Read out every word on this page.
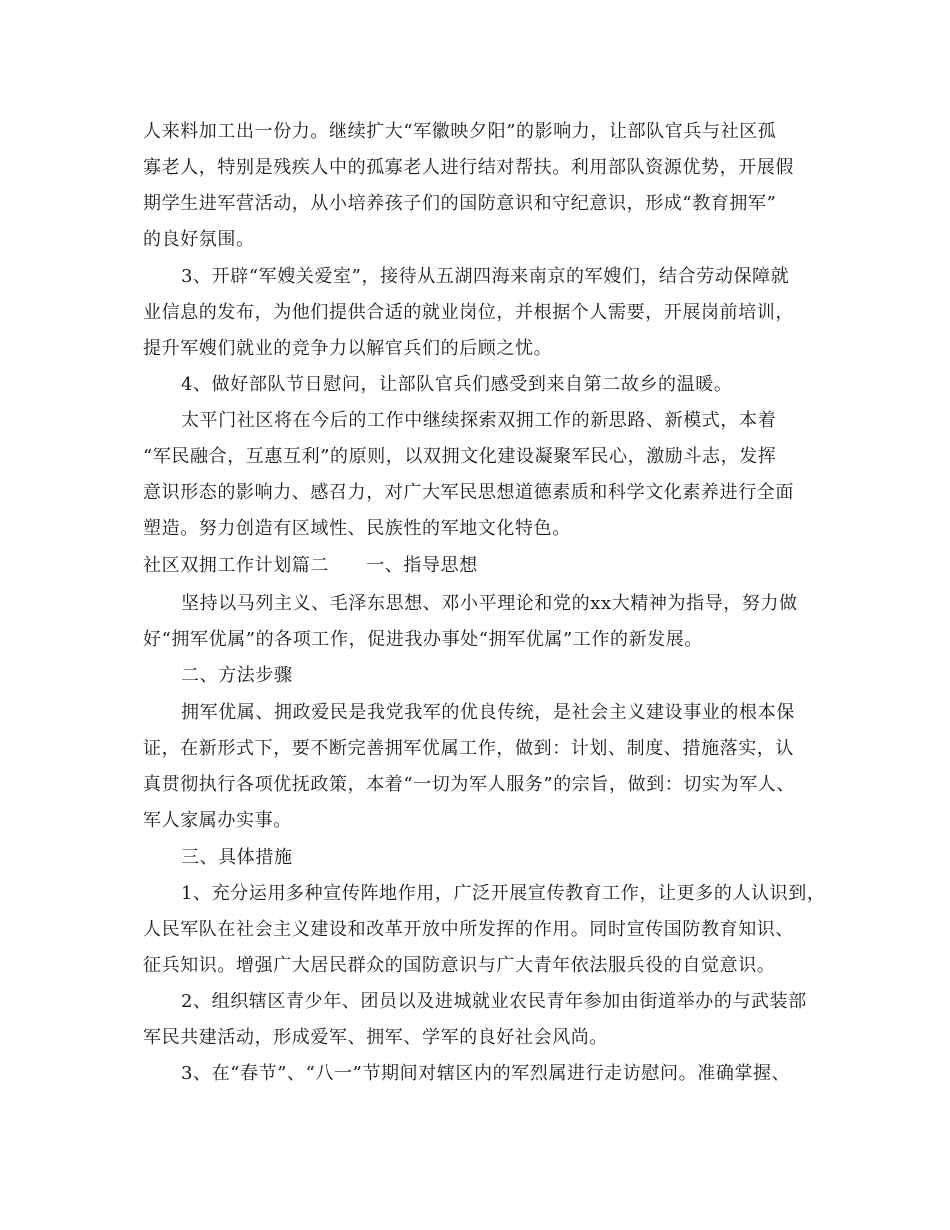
人来料加工出一份力。继续扩大“军徽映夕阳”的影响力，让部队官兵与社区孤
寡老人，特别是残疾人中的孤寡老人进行结对帮扶。利用部队资源优势，开展假
期学生进军营活动，从小培养孩子们的国防意识和守纪意识，形成“教育拥军”
的良好氛围。
3、开辟“军嫂关爱室”，接待从五湖四海来南京的军嫂们，结合劳动保障就
业信息的发布，为他们提供合适的就业岗位，并根据个人需要，开展岗前培训，
提升军嫂们就业的竞争力以解官兵们的后顾之忧。
4、做好部队节日慰问，让部队官兵们感受到来自第二故乡的温暖。
太平门社区将在今后的工作中继续探索双拥工作的新思路、新模式，本着
“军民融合，互惠互利”的原则，以双拥文化建设凝聚军民心，激励斗志，发挥
意识形态的影响力、感召力，对广大军民思想道德素质和科学文化素养进行全面
塑造。努力创造有区域性、民族性的军地文化特色。
社区双拥工作计划篇二　　一、指导思想
坚持以马列主义、毛泽东思想、邓小平理论和党的xx大精神为指导，努力做
好“拥军优属”的各项工作，促进我办事处“拥军优属”工作的新发展。
二、方法步骤
拥军优属、拥政爱民是我党我军的优良传统，是社会主义建设事业的根本保
证，在新形式下，要不断完善拥军优属工作，做到：计划、制度、措施落实，认
真贯彻执行各项优抚政策，本着“一切为军人服务”的宗旨，做到：切实为军人、
军人家属办实事。
三、具体措施
1、充分运用多种宣传阵地作用，广泛开展宣传教育工作，让更多的人认识到，
人民军队在社会主义建设和改革开放中所发挥的作用。同时宣传国防教育知识、
征兵知识。增强广大居民群众的国防意识与广大青年依法服兵役的自觉意识。
2、组织辖区青少年、团员以及进城就业农民青年参加由街道举办的与武装部
军民共建活动，形成爱军、拥军、学军的良好社会风尚。
3、在“春节”、“八一”节期间对辖区内的军烈属进行走访慰问。准确掌握、
